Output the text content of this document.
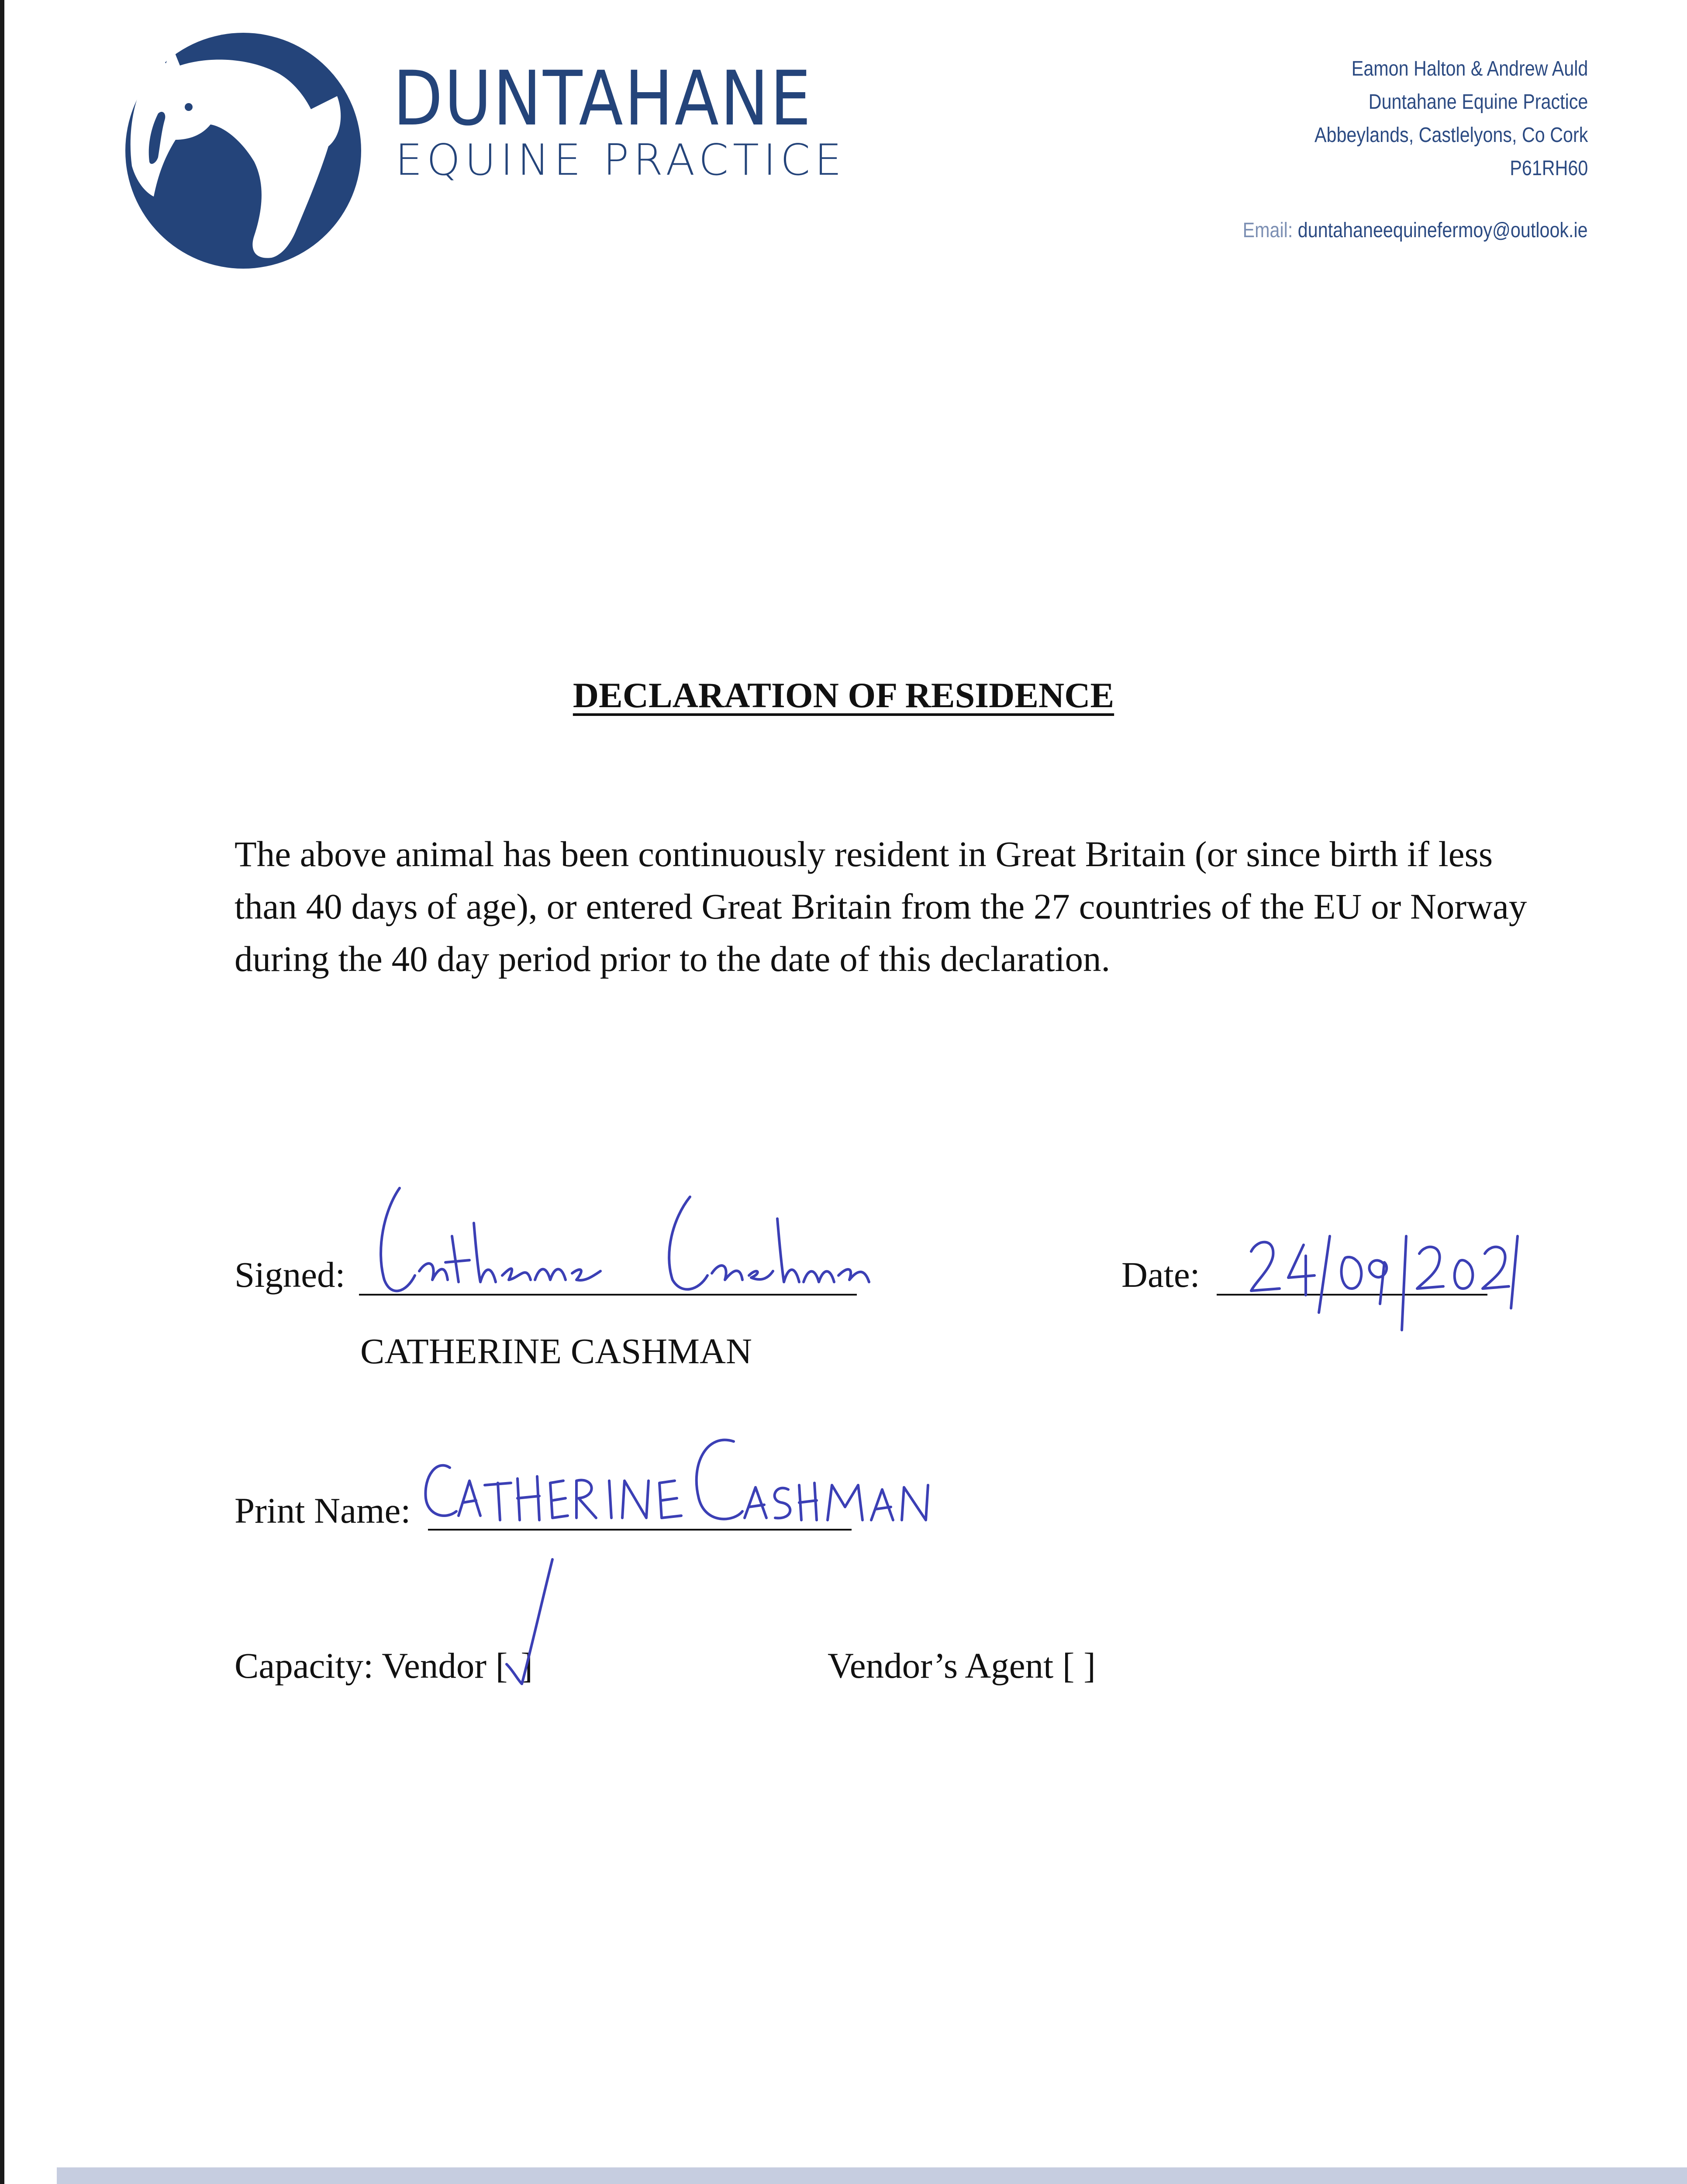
DUNTAHANE
EQUINE PRACTICE
Eamon Halton & Andrew Auld
Duntahane Equine Practice
Abbeylands, Castlelyons, Co Cork
P61RH60
Email: duntahaneequinefermoy@outlook.ie
DECLARATION OF RESIDENCE
The above animal has been continuously resident in Great Britain (or since birth if less than 40 days of age), or entered Great Britain from the 27 countries of the EU or Norway during the 40 day period prior to the date of this declaration.
Signed:	Date:
CATHERINE CASHMAN
Print Name:
Capacity: Vendor [ ]	Vendor’s Agent [ ]
